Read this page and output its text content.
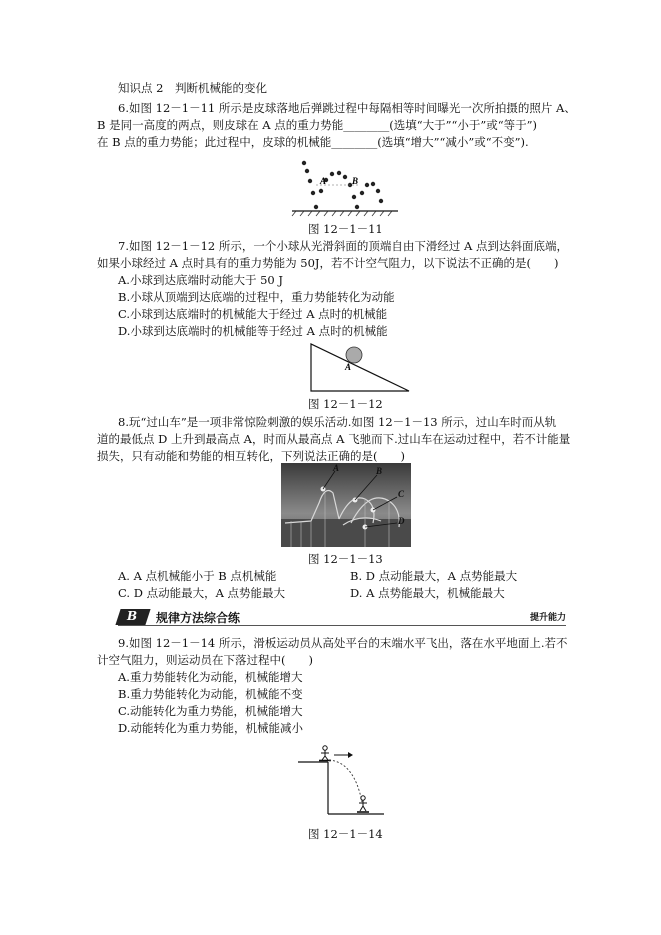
知识点 2　判断机械能的变化
6.如图 12－1－11 所示是皮球落地后弹跳过程中每隔相等时间曝光一次所拍摄的照片 A、
B 是同一高度的两点，则皮球在 A 点的重力势能________(选填“大于”“小于”或“等于”)
在 B 点的重力势能；此过程中，皮球的机械能________(选填“增大”“减小”或“不变”).
A	B
图 12－1－11
7.如图 12－1－12 所示，一个小球从光滑斜面的顶端自由下滑经过 A 点到达斜面底端，
如果小球经过 A 点时具有的重力势能为 50J，若不计空气阻力，以下说法不正确的是(　　)
A.小球到达底端时动能大于 50 J
B.小球从顶端到达底端的过程中，重力势能转化为动能
C.小球到达底端时的机械能大于经过 A 点时的机械能
D.小球到达底端时的机械能等于经过 A 点时的机械能
A
图 12－1－12
8.玩“过山车”是一项非常惊险刺激的娱乐活动.如图 12－1－13 所示，过山车时而从轨
道的最低点 D 上升到最高点 A，时而从最高点 A 飞驰而下.过山车在运动过程中，若不计能量
损失，只有动能和势能的相互转化，下列说法正确的是(　　)
A	B
C
D
图 12－1－13
A. A 点机械能小于 B 点机械能	B. D 点动能最大，A 点势能最大
C. D 点动能最大，A 点势能最大	D. A 点势能最大，机械能最大
B 规律方法综合练	提升能力
9.如图 12－1－14 所示，滑板运动员从高处平台的末端水平飞出，落在水平地面上.若不
计空气阻力，则运动员在下落过程中(　　)
A.重力势能转化为动能，机械能增大
B.重力势能转化为动能，机械能不变
C.动能转化为重力势能，机械能增大
D.动能转化为重力势能，机械能减小
图 12－1－14
